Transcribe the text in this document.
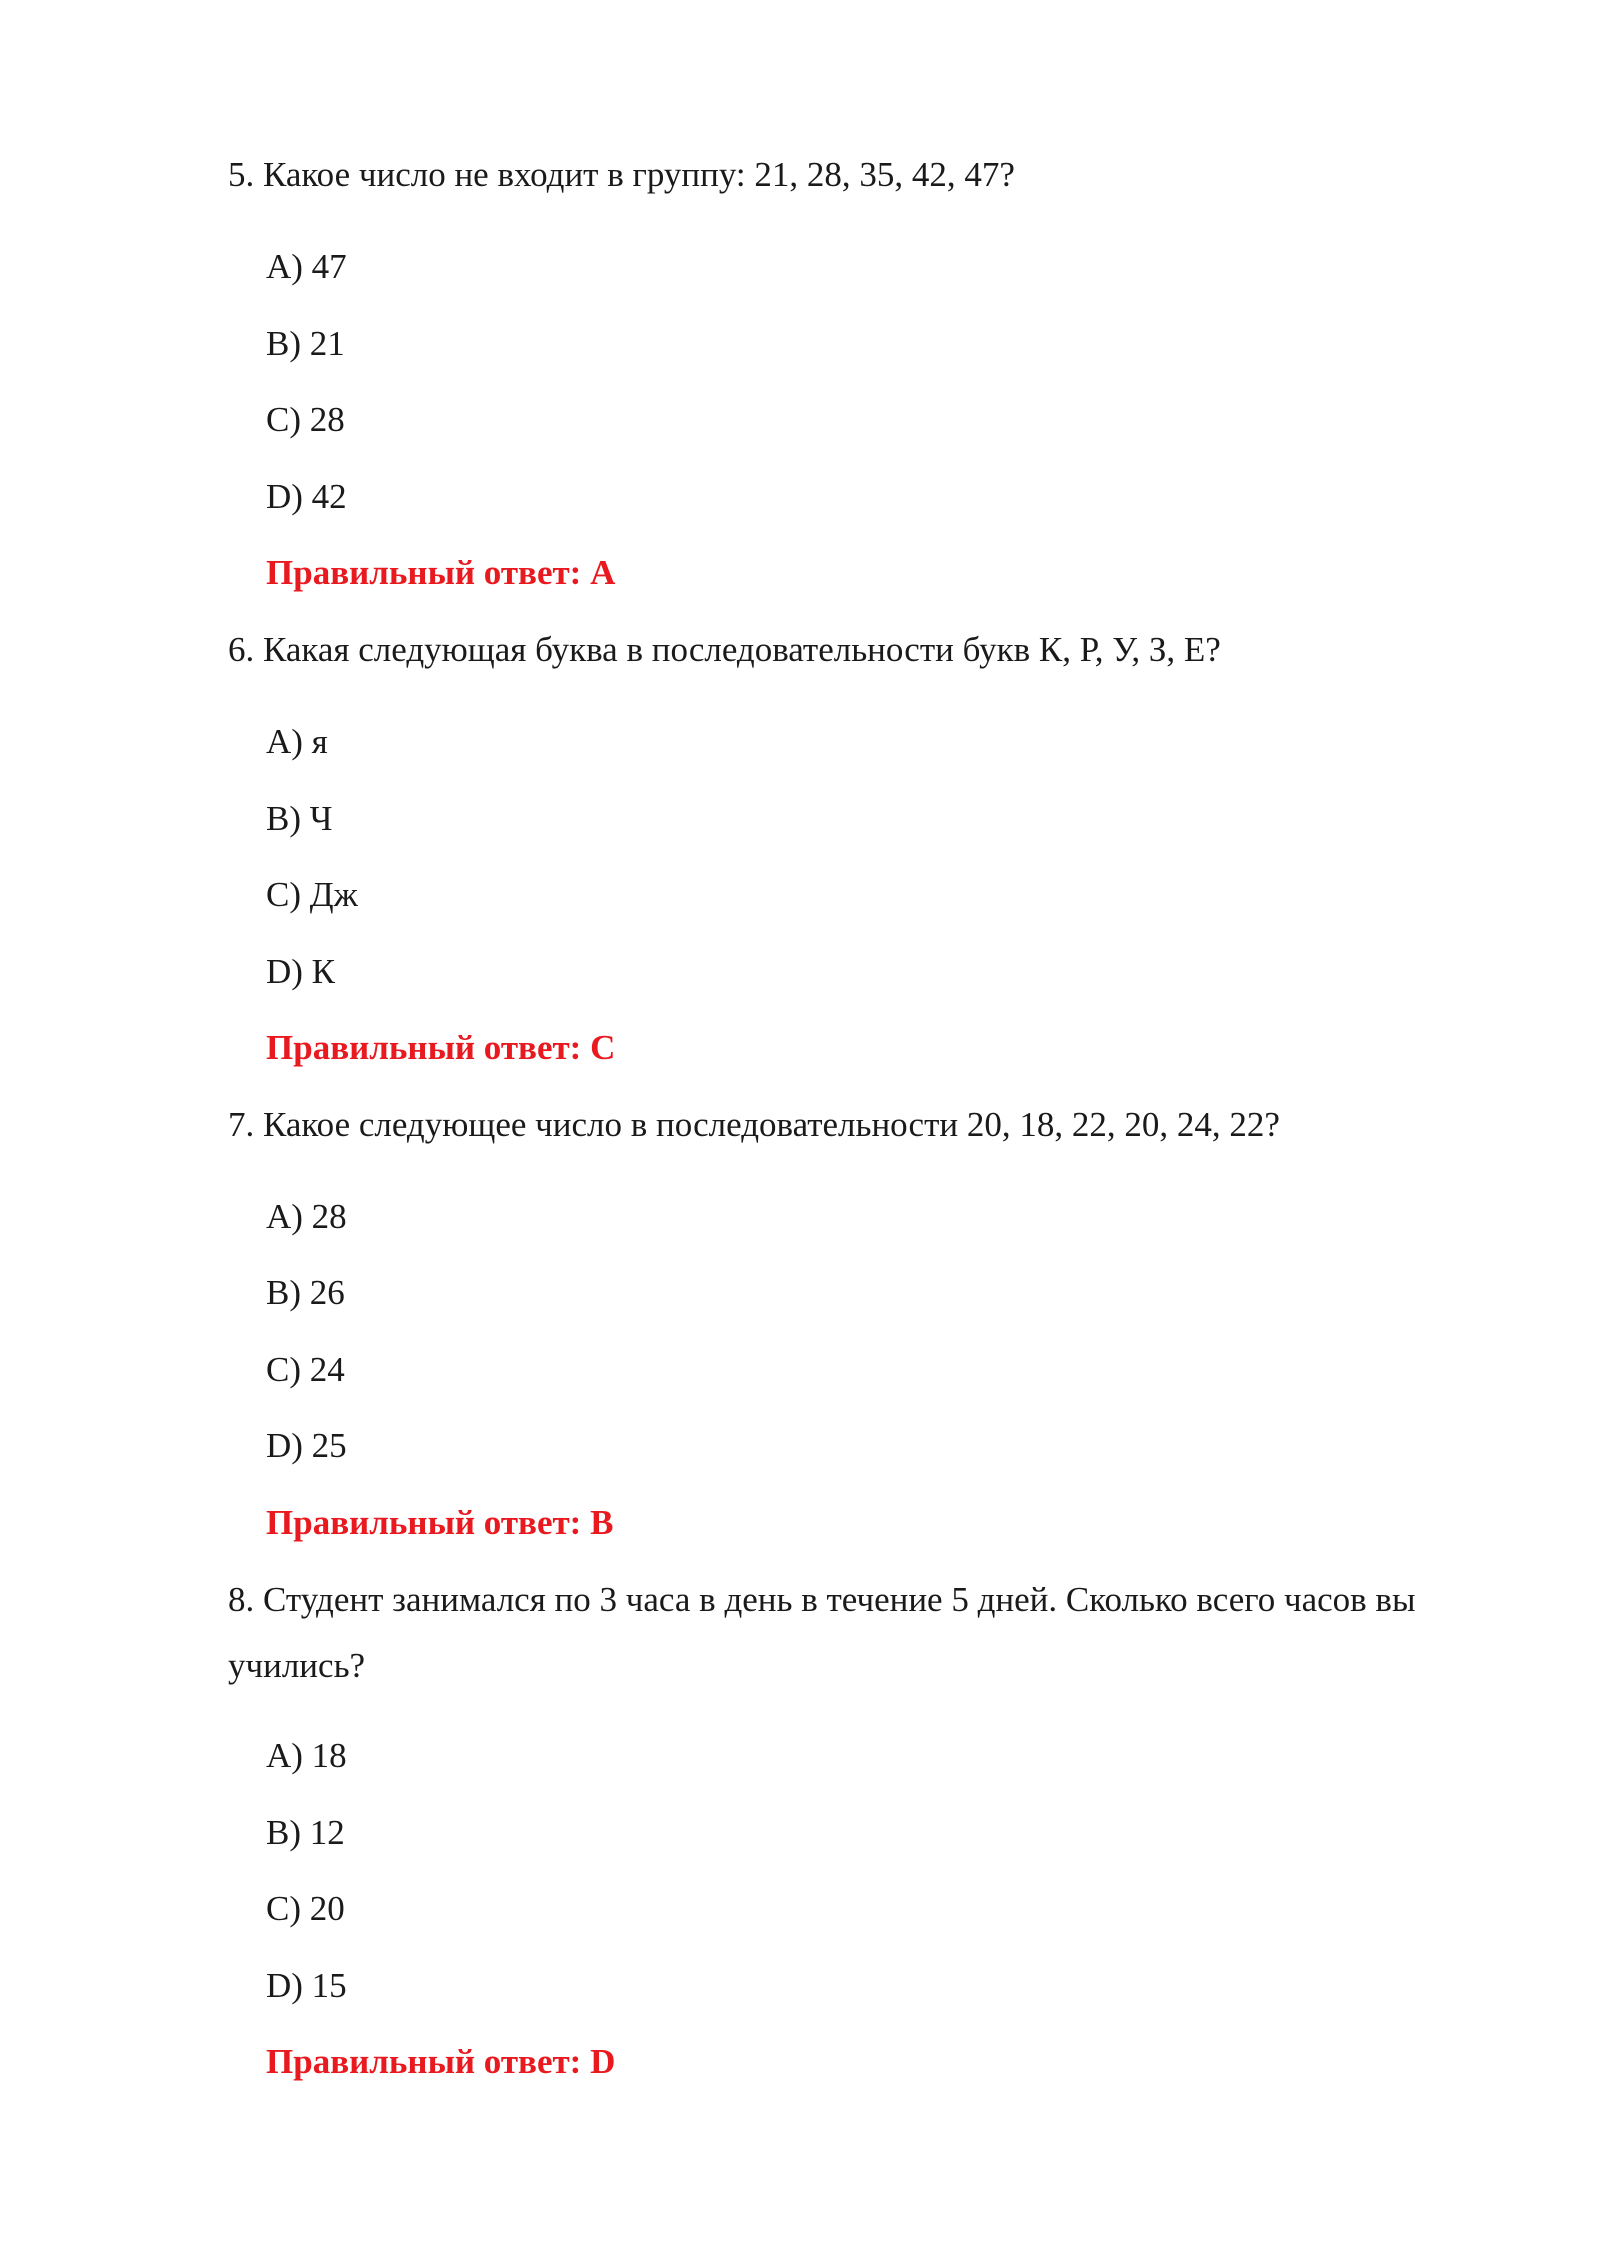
5. Какое число не входит в группу: 21, 28, 35, 42, 47?
A) 47
B) 21
C) 28
D) 42
Правильный ответ: A
6. Какая следующая буква в последовательности букв К, Р, У, З, Е?
A) я
B) Ч
C) Дж
D) К
Правильный ответ: C
7. Какое следующее число в последовательности 20, 18, 22, 20, 24, 22?
A) 28
B) 26
C) 24
D) 25
Правильный ответ: B
8. Студент занимался по 3 часа в день в течение 5 дней. Сколько всего часов вы учились?
A) 18
B) 12
C) 20
D) 15
Правильный ответ: D
